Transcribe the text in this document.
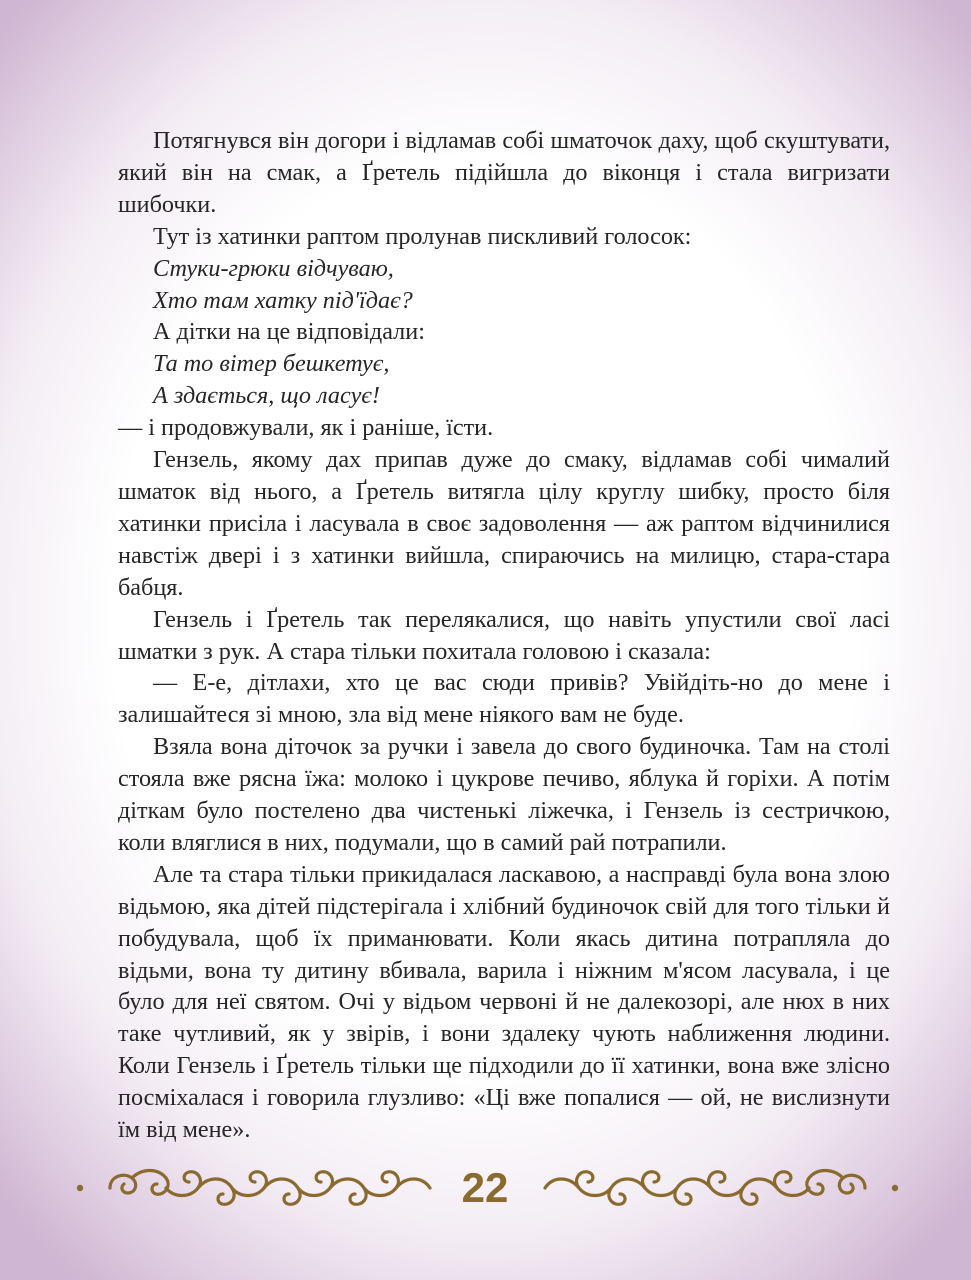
Потягнувся він догори і відламав собі шматочок даху, щоб скуштувати, який він на смак, а Ґретель підійшла до віконця і стала вигризати шибочки.

Тут із хатинки раптом пролунав пискливий голосок:

Стуки-грюки відчуваю,

Хто там хатку під'їдає?

А дітки на це відповідали:

Та то вітер бешкетує,

А здається, що ласує!

— і продовжували, як і раніше, їсти.

Гензель, якому дах припав дуже до смаку, відламав собі чималий шматок від нього, а Ґретель витягла цілу круглу шибку, просто біля хатинки присіла і ласувала в своє задоволення — аж раптом відчинилися навстіж двері і з хатинки вийшла, спираючись на милицю, стара-стара бабця.

Гензель і Ґретель так перелякалися, що навіть упустили свої ласі шматки з рук. А стара тільки похитала головою і сказала:

— Е-е, дітлахи, хто це вас сюди привів? Увійдіть-но до мене і залишайтеся зі мною, зла від мене ніякого вам не буде.

Взяла вона діточок за ручки і завела до свого будиночка. Там на столі стояла вже рясна їжа: молоко і цукрове печиво, яблука й горіхи. А потім діткам було постелено два чистенькі ліжечка, і Гензель із сестричкою, коли вляглися в них, подумали, що в самий рай потрапили.

Але та стара тільки прикидалася ласкавою, а насправді була вона злою відьмою, яка дітей підстерігала і хлібний будиночок свій для того тільки й побудувала, щоб їх приманювати. Коли якась дитина потрапляла до відьми, вона ту дитину вбивала, варила і ніжним м'ясом ласувала, і це було для неї святом. Очі у відьом червоні й не далекозорі, але нюх в них таке чутливий, як у звірів, і вони здалеку чують наближення людини. Коли Гензель і Ґретель тільки ще підходили до її хатинки, вона вже злісно посміхалася і говорила глузливо: «Ці вже попалися — ой, не вислизнути їм від мене».

22
